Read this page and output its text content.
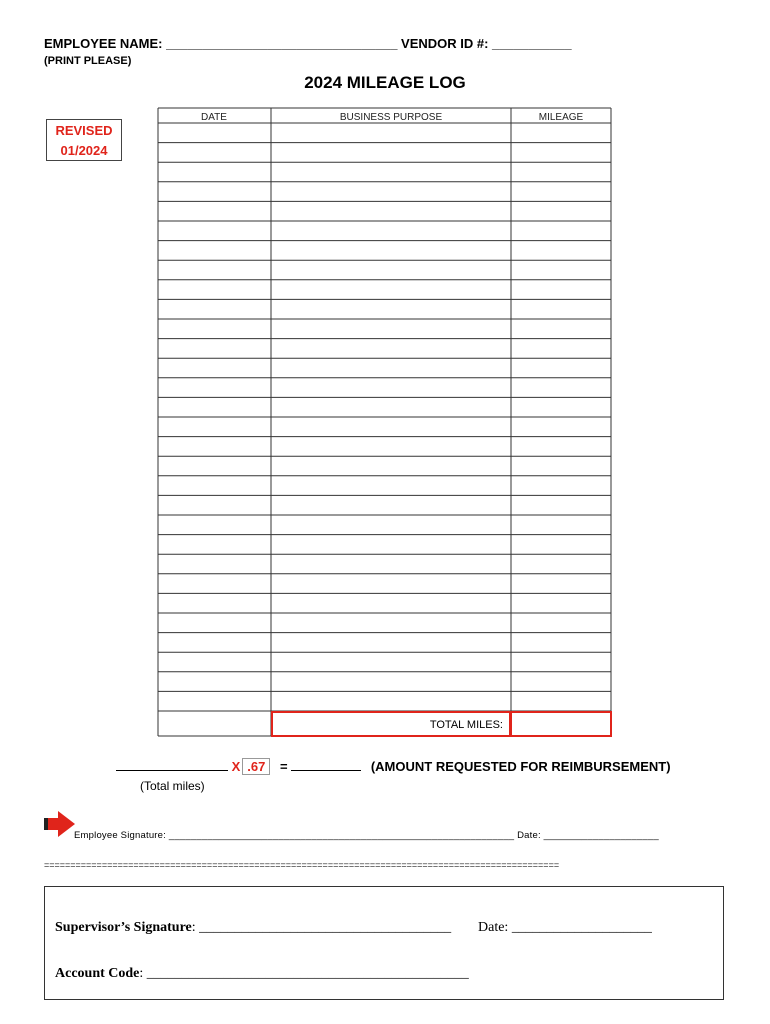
EMPLOYEE NAME: ________________________________ VENDOR ID #: ___________
(PRINT PLEASE)
2024 MILEAGE LOG
REVISED
01/2024
DATE	BUSINESS PURPOSE	MILEAGE
TOTAL MILES:
X .67 =	(AMOUNT REQUESTED FOR REIMBURSEMENT)
(Total miles)
Employee Signature: _______________________________________________________________ Date: _____________________
==================================================================================================
Supervisor’s Signature: ____________________________________ Date: ____________________
Account Code: ______________________________________________
